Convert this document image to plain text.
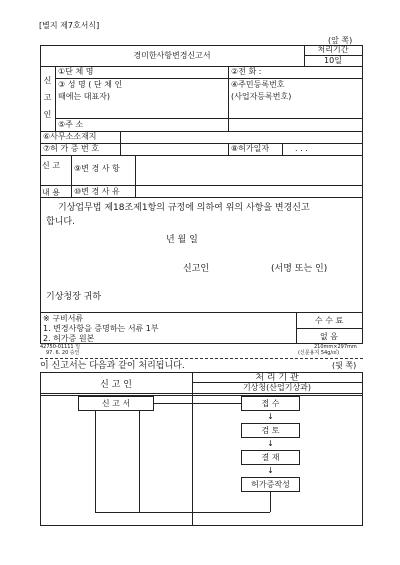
[별지 제7호서식]
(앞 쪽)
경미한사항변경신고서
처리기간
10일
신 고 인
①단 체 명	②전 화 :
③ 성 명 ( 단 체 인
때에는 대표자)
④주민등록번호
(사업자등록번호)
⑤주 소
⑥사무소소재지
⑦허 가 증 번 호	⑧허가일자	. . .
신 고
내 용
⑨변 경 사 항
⑩변 경 사 유
기상업무법 제18조제1항의 규정에 의하여 위의 사항을 변경신고
합니다.
년 월 일
신고인	(서명 또는 인)
기상청장 귀하
※ 구비서류
1. 변경사항을 증명하는 서류 1부
2. 허가증 원본
수 수 료
없 음
42750-01111 일
97. 6. 20 승인
210mm×297mm
(신문용지 54g/㎡)
이 신고서는 다음과 같이 처리됩니다.	(뒷 쪽)
신 고 인
처 리 기 관
기상청(산업기상과)
신 고 서	접 수
↓
검 토
↓
결 재
↓
허가증작성
